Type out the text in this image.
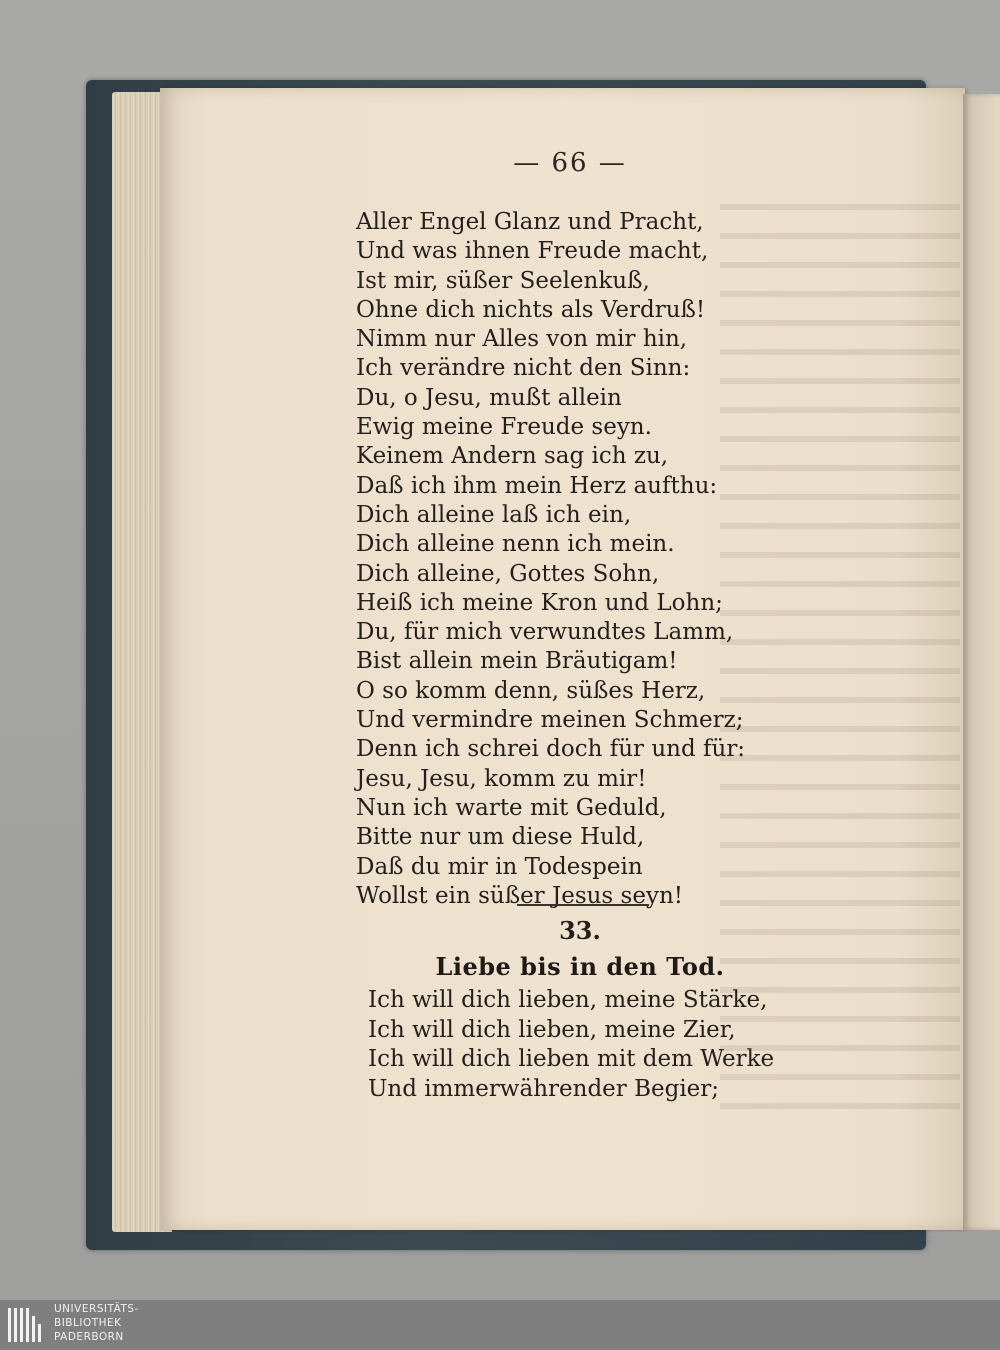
— 66 —
Aller Engel Glanz und Pracht,
Und was ihnen Freude macht,
Ist mir, süßer Seelenkuß,
Ohne dich nichts als Verdruß!
Nimm nur Alles von mir hin,
Ich verändre nicht den Sinn:
Du, o Jesu, mußt allein
Ewig meine Freude seyn.
Keinem Andern sag ich zu,
Daß ich ihm mein Herz aufthu:
Dich alleine laß ich ein,
Dich alleine nenn ich mein.
Dich alleine, Gottes Sohn,
Heiß ich meine Kron und Lohn;
Du, für mich verwundtes Lamm,
Bist allein mein Bräutigam!
O so komm denn, süßes Herz,
Und vermindre meinen Schmerz;
Denn ich schrei doch für und für:
Jesu, Jesu, komm zu mir!
Nun ich warte mit Geduld,
Bitte nur um diese Huld,
Daß du mir in Todespein
Wollst ein süßer Jesus seyn!
33.
Liebe bis in den Tod.
Ich will dich lieben, meine Stärke,
Ich will dich lieben, meine Zier,
Ich will dich lieben mit dem Werke
Und immerwährender Begier;
UNIVERSITÄTS-
BIBLIOTHEK
PADERBORN
